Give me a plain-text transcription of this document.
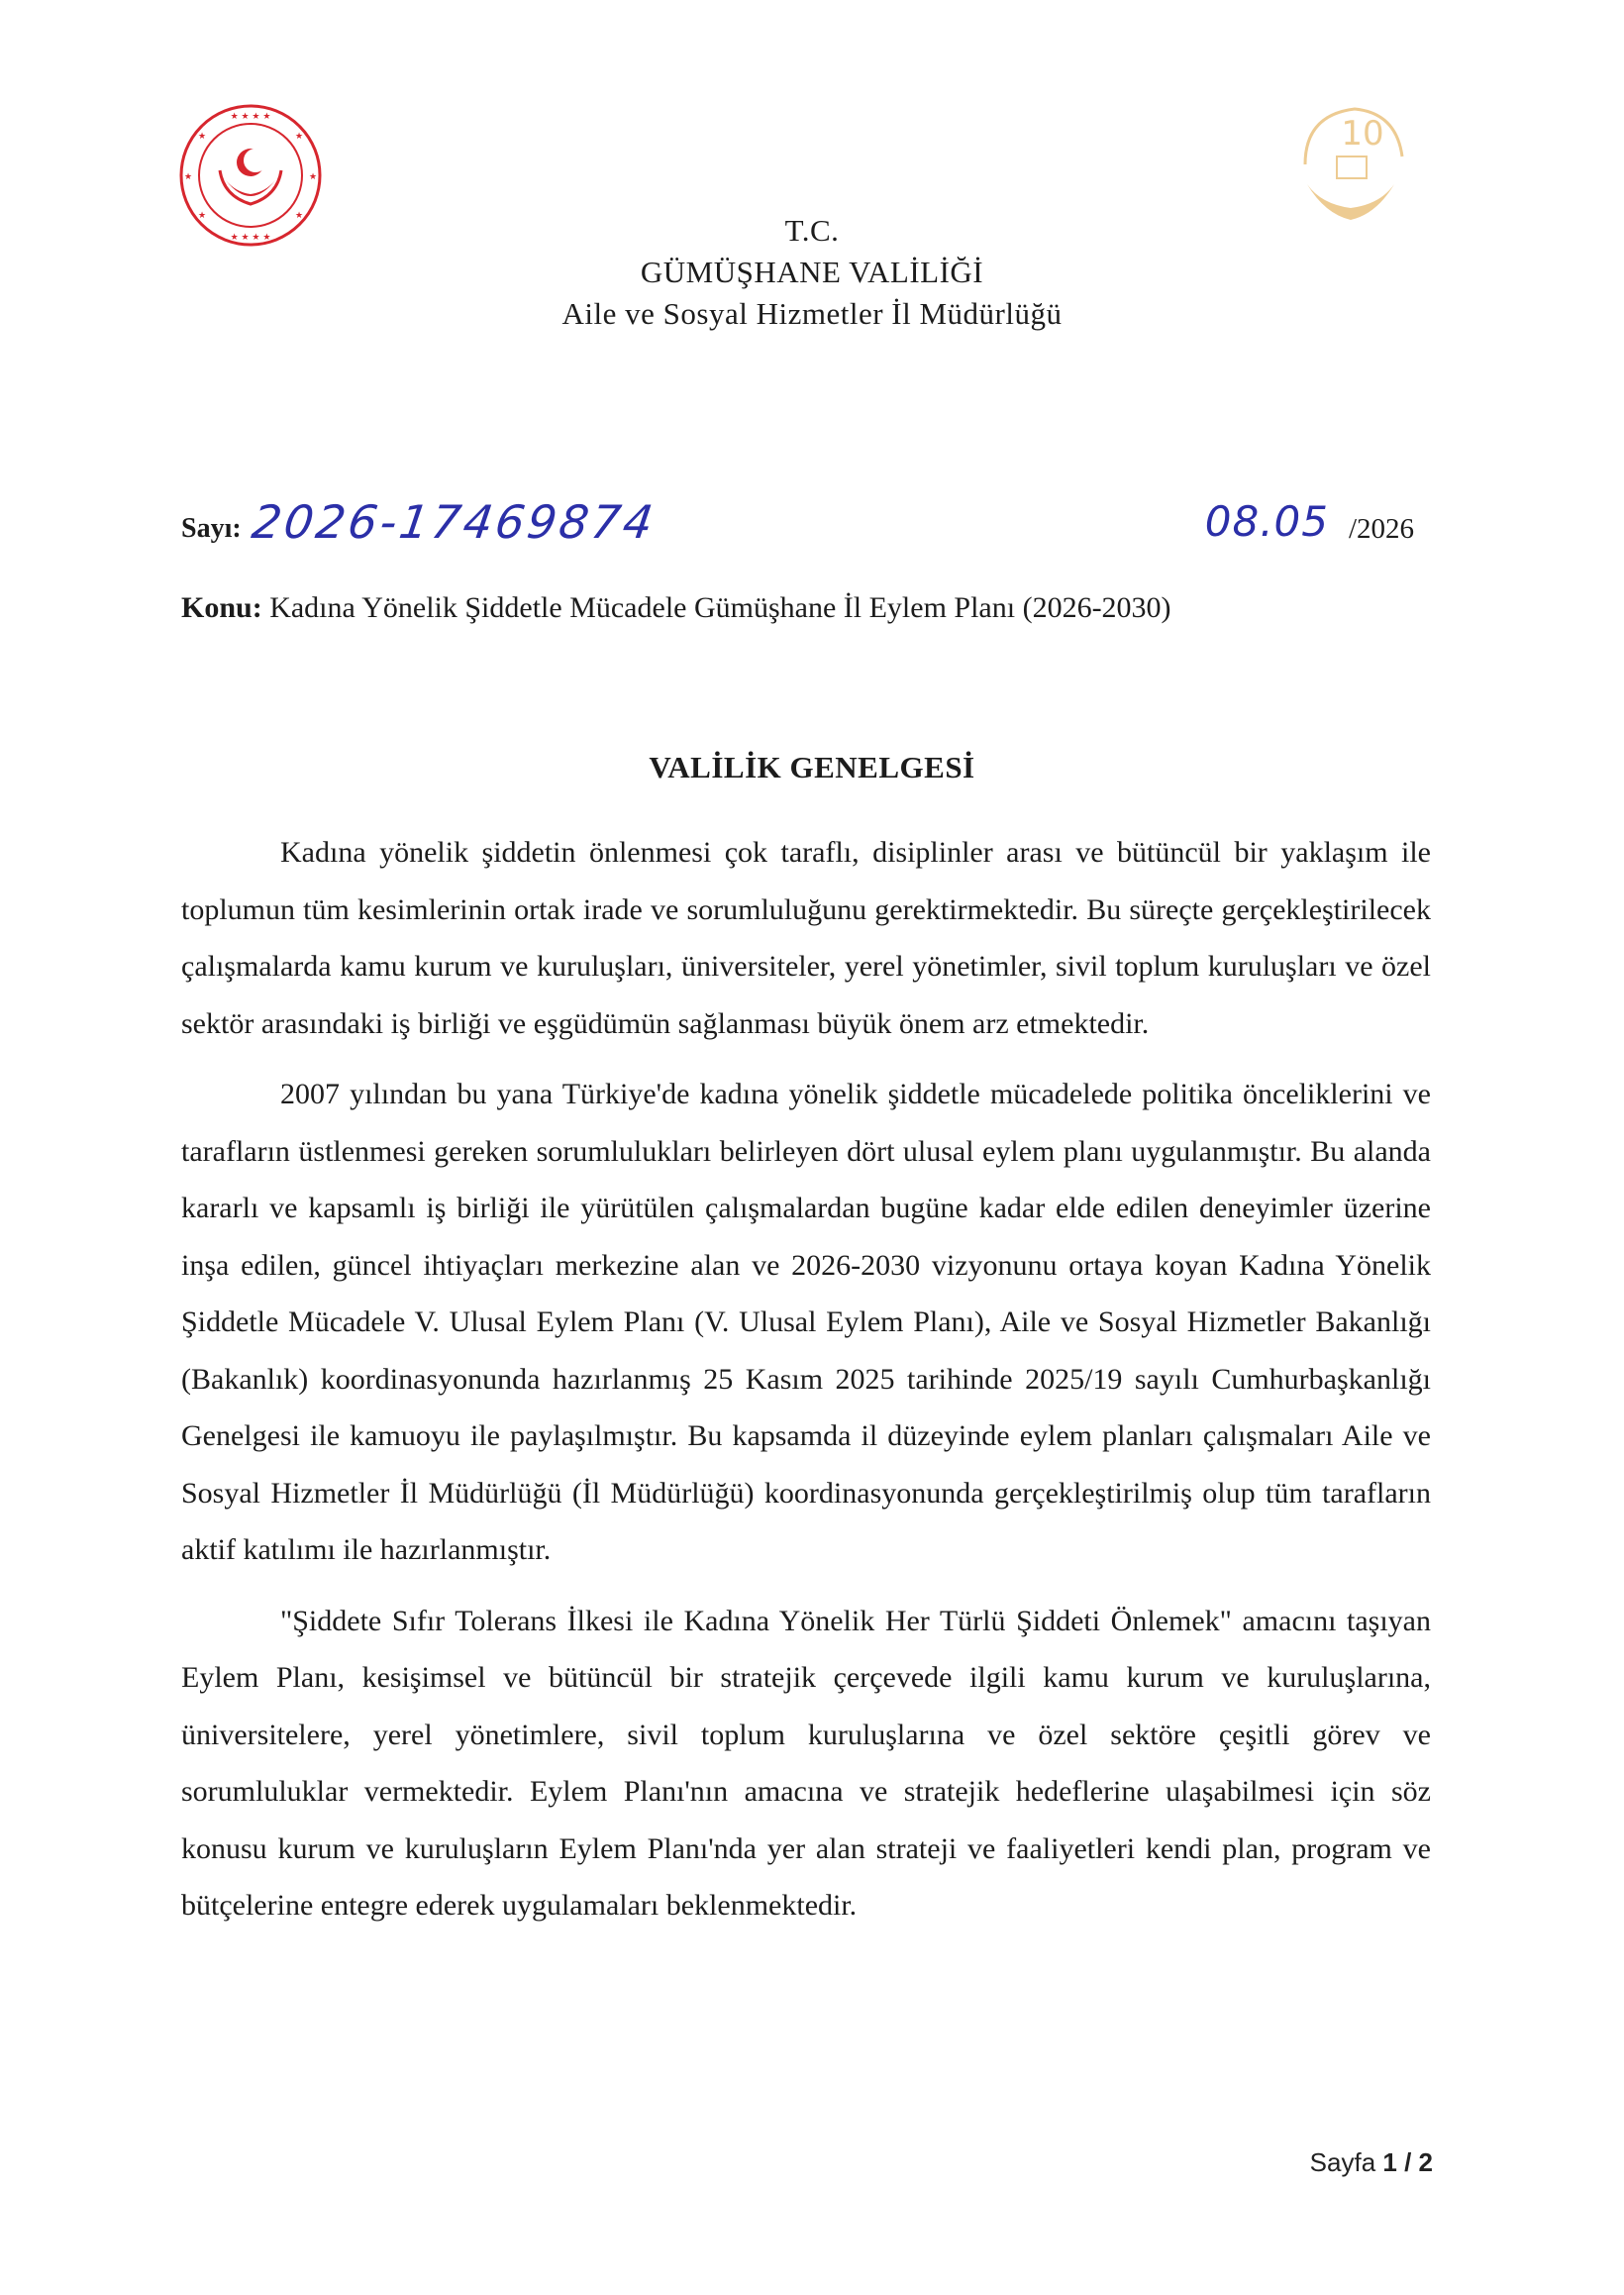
★ ★ ★ ★
★ ★ ★ ★
★	★
★	★
★	★
10
T.C.
GÜMÜŞHANE VALİLİĞİ
Aile ve Sosyal Hizmetler İl Müdürlüğü
Sayı: 2026-17469874	08.05 /2026
Konu: Kadına Yönelik Şiddetle Mücadele Gümüşhane İl Eylem Planı (2026-2030)
VALİLİK GENELGESİ

Kadına yönelik şiddetin önlenmesi çok taraflı, disiplinler arası ve bütüncül bir yaklaşım ile toplumun tüm kesimlerinin ortak irade ve sorumluluğunu gerektirmektedir. Bu süreçte gerçekleştirilecek çalışmalarda kamu kurum ve kuruluşları, üniversiteler, yerel yönetimler, sivil toplum kuruluşları ve özel sektör arasındaki iş birliği ve eşgüdümün sağlanması büyük önem arz etmektedir.

2007 yılından bu yana Türkiye'de kadına yönelik şiddetle mücadelede politika önceliklerini ve tarafların üstlenmesi gereken sorumlulukları belirleyen dört ulusal eylem planı uygulanmıştır. Bu alanda kararlı ve kapsamlı iş birliği ile yürütülen çalışmalardan bugüne kadar elde edilen deneyimler üzerine inşa edilen, güncel ihtiyaçları merkezine alan ve 2026-2030 vizyonunu ortaya koyan Kadına Yönelik Şiddetle Mücadele V. Ulusal Eylem Planı (V. Ulusal Eylem Planı), Aile ve Sosyal Hizmetler Bakanlığı (Bakanlık) koordinasyonunda hazırlanmış 25 Kasım 2025 tarihinde 2025/19 sayılı Cumhurbaşkanlığı Genelgesi ile kamuoyu ile paylaşılmıştır. Bu kapsamda il düzeyinde eylem planları çalışmaları Aile ve Sosyal Hizmetler İl Müdürlüğü (İl Müdürlüğü) koordinasyonunda gerçekleştirilmiş olup tüm tarafların aktif katılımı ile hazırlanmıştır.

"Şiddete Sıfır Tolerans İlkesi ile Kadına Yönelik Her Türlü Şiddeti Önlemek" amacını taşıyan Eylem Planı, kesişimsel ve bütüncül bir stratejik çerçevede ilgili kamu kurum ve kuruluşlarına, üniversitelere, yerel yönetimlere, sivil toplum kuruluşlarına ve özel sektöre çeşitli görev ve sorumluluklar vermektedir. Eylem Planı'nın amacına ve stratejik hedeflerine ulaşabilmesi için söz konusu kurum ve kuruluşların Eylem Planı'nda yer alan strateji ve faaliyetleri kendi plan, program ve bütçelerine entegre ederek uygulamaları beklenmektedir.

Sayfa 1 / 2
